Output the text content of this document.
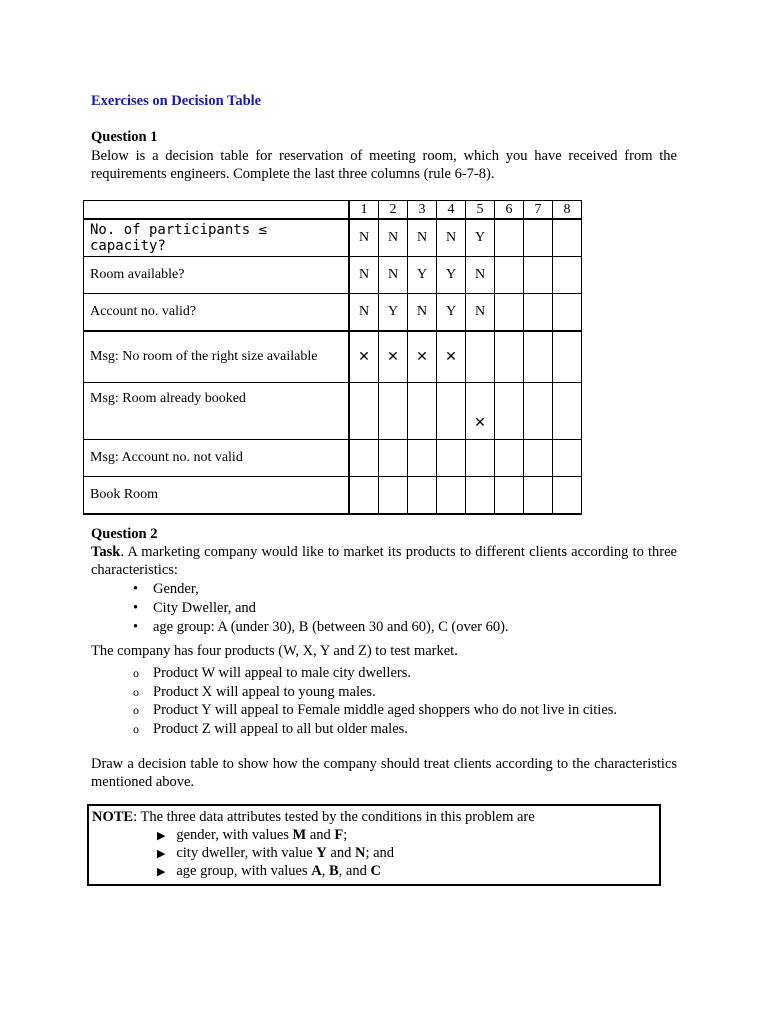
Exercises on Decision Table
Question 1
Below is a decision table for reservation of meeting room, which you have received from the requirements engineers. Complete the last three columns (rule 6-7-8).
	1	2	3	4	5	6	7	8
No. of participants ≤ capacity?	N	N	N	N	Y			
Room available?	N	N	Y	Y	N			
Account no. valid?	N	Y	N	Y	N			
Msg: No room of the right size available	✕	✕	✕	✕				
Msg: Room already booked					✕			
Msg: Account no. not valid								
Book Room								
Question 2
Task. A marketing company would like to market its products to different clients according to three characteristics:
• Gender,
• City Dweller, and
• age group: A (under 30), B (between 30 and 60), C (over 60).
The company has four products (W, X, Y and Z) to test market.
o Product W will appeal to male city dwellers.
o Product X will appeal to young males.
o Product Y will appeal to Female middle aged shoppers who do not live in cities.
o Product Z will appeal to all but older males.
Draw a decision table to show how the company should treat clients according to the characteristics mentioned above.
NOTE: The three data attributes tested by the conditions in this problem are
▶ gender, with values M and F;
▶ city dweller, with value Y and N; and
▶ age group, with values A, B, and C
